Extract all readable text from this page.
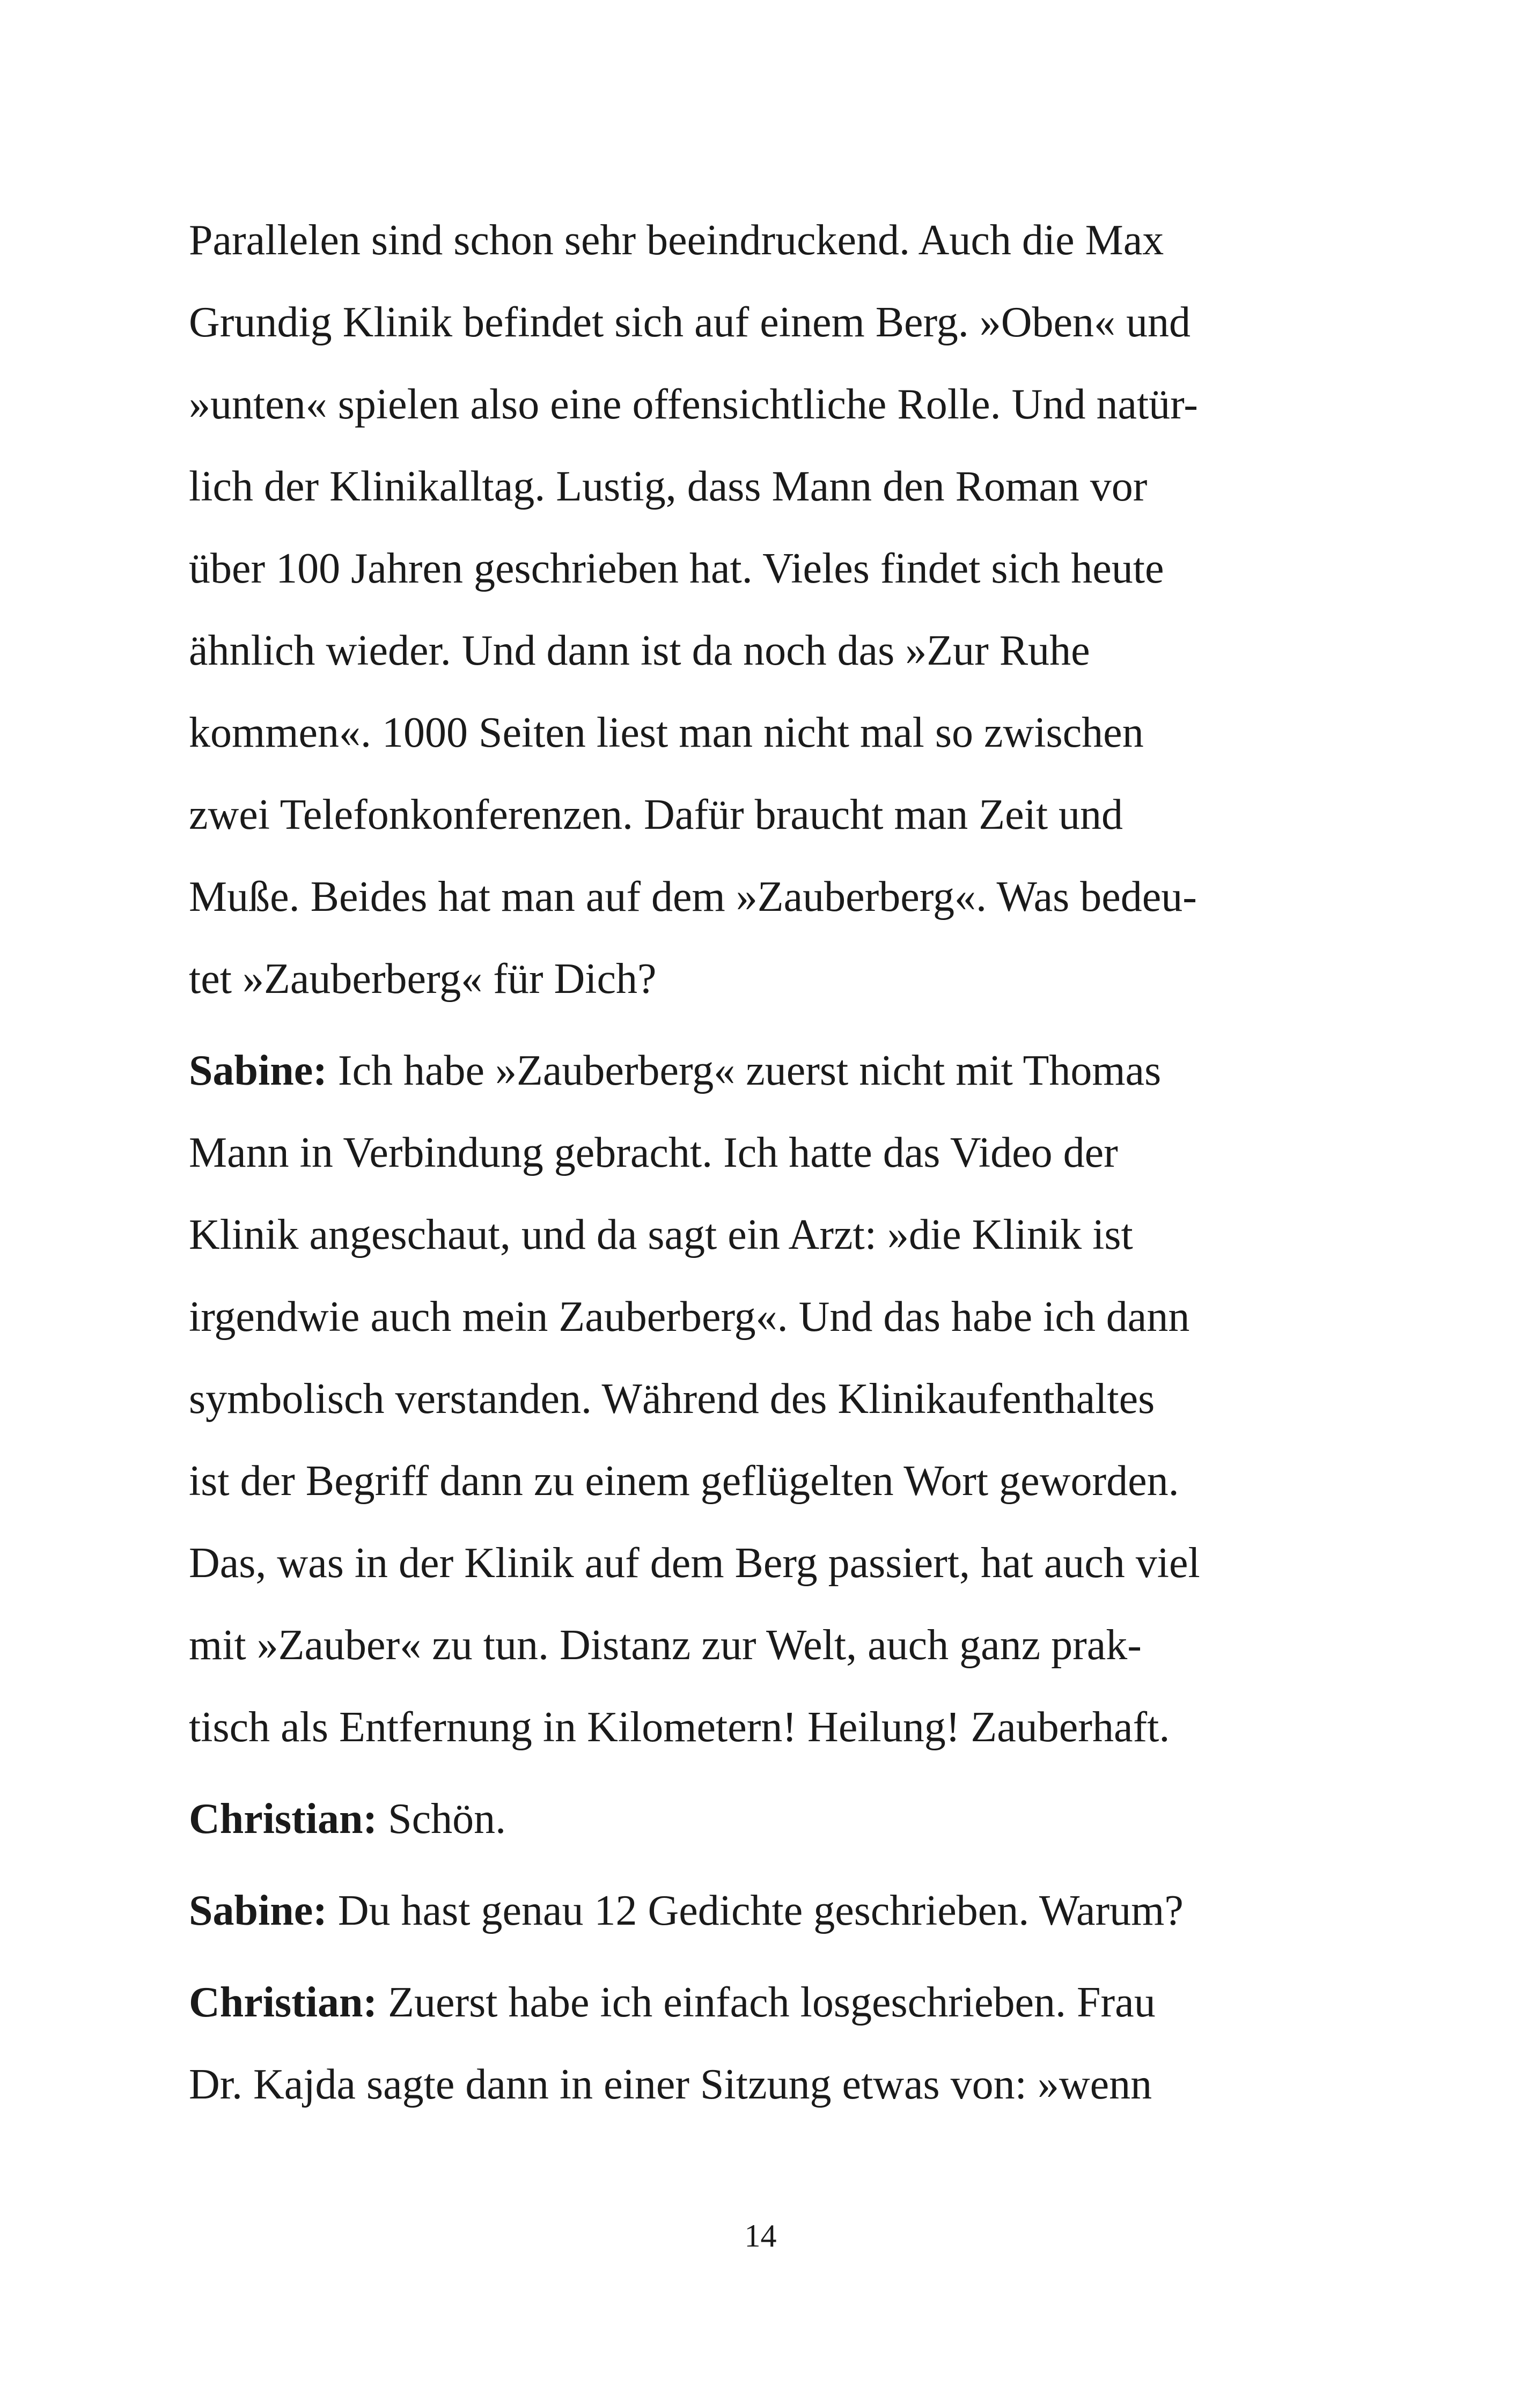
Parallelen sind schon sehr beeindruckend. Auch die Max
Grundig Klinik befindet sich auf einem Berg. »Oben« und
»unten« spielen also eine offensichtliche Rolle. Und natür-
lich der Klinikalltag. Lustig, dass Mann den Roman vor
über 100 Jahren geschrieben hat. Vieles findet sich heute
ähnlich wieder. Und dann ist da noch das »Zur Ruhe
kommen«. 1000 Seiten liest man nicht mal so zwischen
zwei Telefonkonferenzen. Dafür braucht man Zeit und
Muße. Beides hat man auf dem »Zauberberg«. Was bedeu-
tet »Zauberberg« für Dich?
Sabine: Ich habe »Zauberberg« zuerst nicht mit Thomas
Mann in Verbindung gebracht. Ich hatte das Video der
Klinik angeschaut, und da sagt ein Arzt: »die Klinik ist
irgendwie auch mein Zauberberg«. Und das habe ich dann
symbolisch verstanden. Während des Klinikaufenthaltes
ist der Begriff dann zu einem geflügelten Wort geworden.
Das, was in der Klinik auf dem Berg passiert, hat auch viel
mit »Zauber« zu tun. Distanz zur Welt, auch ganz prak-
tisch als Entfernung in Kilometern! Heilung! Zauberhaft.
Christian: Schön.
Sabine: Du hast genau 12 Gedichte geschrieben. Warum?
Christian: Zuerst habe ich einfach losgeschrieben. Frau
Dr. Kajda sagte dann in einer Sitzung etwas von: »wenn
14
